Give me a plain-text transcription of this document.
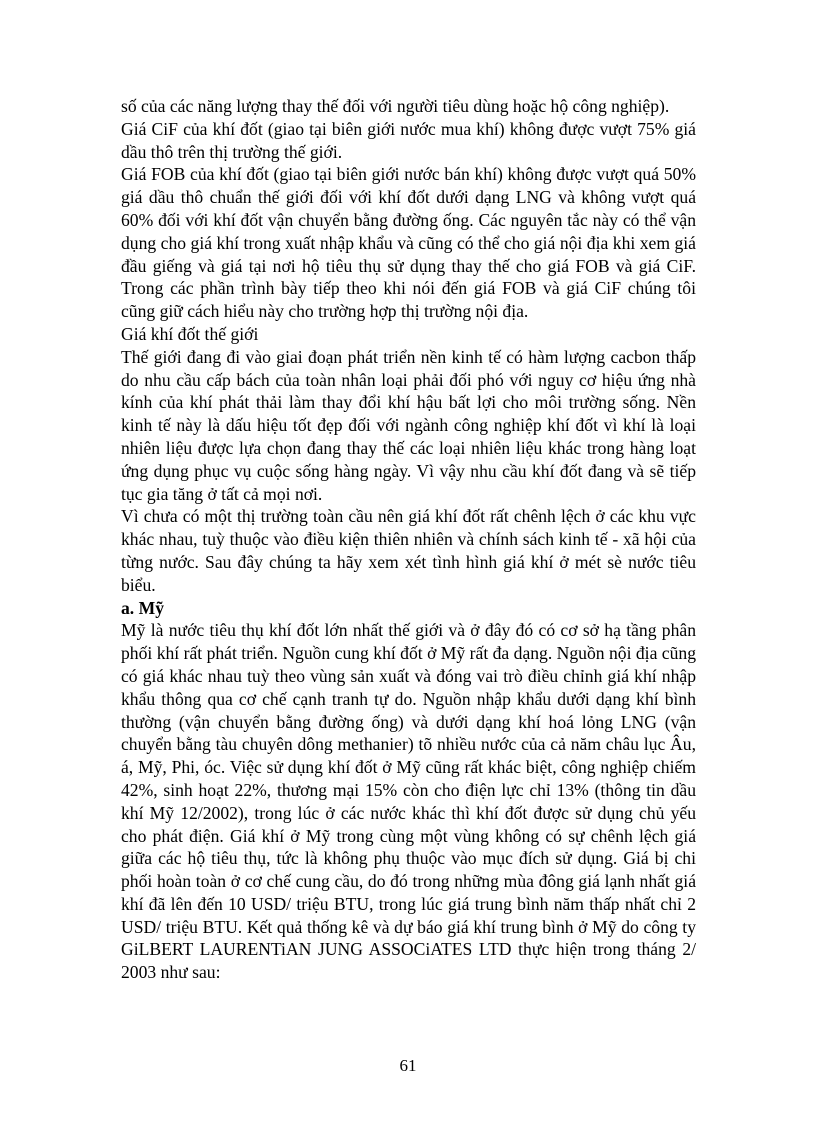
số của các năng lượng thay thế đối với người tiêu dùng hoặc hộ công nghiệp).

Giá CiF của khí đốt (giao tại biên giới nước mua khí) không được vượt 75% giá dầu thô trên thị trường thế giới.

Giá FOB của khí đốt (giao tại biên giới nước bán khí) không được vượt quá 50% giá dầu thô chuẩn thế giới đối với khí đốt dưới dạng LNG và không vượt quá 60% đối với khí đốt vận chuyển bằng đường ống. Các nguyên tắc này có thể vận dụng cho giá khí trong xuất nhập khẩu và cũng có thể cho giá nội địa khi xem giá đầu giếng và giá tại nơi hộ tiêu thụ sử dụng thay thế cho giá FOB và giá CiF. Trong các phần trình bày tiếp theo khi nói đến giá FOB và giá CiF chúng tôi cũng giữ cách hiểu này cho trường hợp thị trường nội địa.

Giá khí đốt thế giới

Thế giới đang đi vào giai đoạn phát triển nền kinh tế có hàm lượng cacbon thấp do nhu cầu cấp bách của toàn nhân loại phải đối phó với nguy cơ hiệu ứng nhà kính của khí phát thải làm thay đổi khí hậu bất lợi cho môi trường sống. Nền kinh tế này là dấu hiệu tốt đẹp đối với ngành công nghiệp khí đốt vì khí là loại nhiên liệu được lựa chọn đang thay thế các loại nhiên liệu khác trong hàng loạt ứng dụng phục vụ cuộc sống hàng ngày. Vì vậy nhu cầu khí đốt đang và sẽ tiếp tục gia tăng ở tất cả mọi nơi.

Vì chưa có một thị trường toàn cầu nên giá khí đốt rất chênh lệch ở các khu vực khác nhau, tuỳ thuộc vào điều kiện thiên nhiên và chính sách kinh tế - xã hội của từng nước. Sau đây chúng ta hãy xem xét tình hình giá khí ở mét sè nước tiêu biểu.

a. Mỹ

Mỹ là nước tiêu thụ khí đốt lớn nhất thế giới và ở đây đó có cơ sở hạ tầng phân phối khí rất phát triển. Nguồn cung khí đốt ở Mỹ rất đa dạng. Nguồn nội địa cũng có giá khác nhau tuỳ theo vùng sản xuất và đóng vai trò điều chỉnh giá khí nhập khẩu thông qua cơ chế cạnh tranh tự do. Nguồn nhập khẩu dưới dạng khí bình thường (vận chuyển bằng đường ống) và dưới dạng khí hoá lỏng LNG (vận chuyển bằng tàu chuyên dông methanier) tõ nhiều nước của cả năm châu lục Âu, á, Mỹ, Phi, óc. Việc sử dụng khí đốt ở Mỹ cũng rất khác biệt, công nghiệp chiếm 42%, sinh hoạt 22%, thương mại 15% còn cho điện lực chỉ 13% (thông tin dầu khí Mỹ 12/2002), trong lúc ở các nước khác thì khí đốt được sử dụng chủ yếu cho phát điện. Giá khí ở Mỹ trong cùng một vùng không có sự chênh lệch giá giữa các hộ tiêu thụ, tức là không phụ thuộc vào mục đích sử dụng. Giá bị chi phối hoàn toàn ở cơ chế cung cầu, do đó trong những mùa đông giá lạnh nhất giá khí đã lên đến 10 USD/ triệu BTU, trong lúc giá trung bình năm thấp nhất chỉ 2 USD/ triệu BTU. Kết quả thống kê và dự báo giá khí trung bình ở Mỹ do công ty GiLBERT LAURENTiAN JUNG ASSOCiATES LTD thực hiện trong tháng 2/ 2003 như sau:

61
